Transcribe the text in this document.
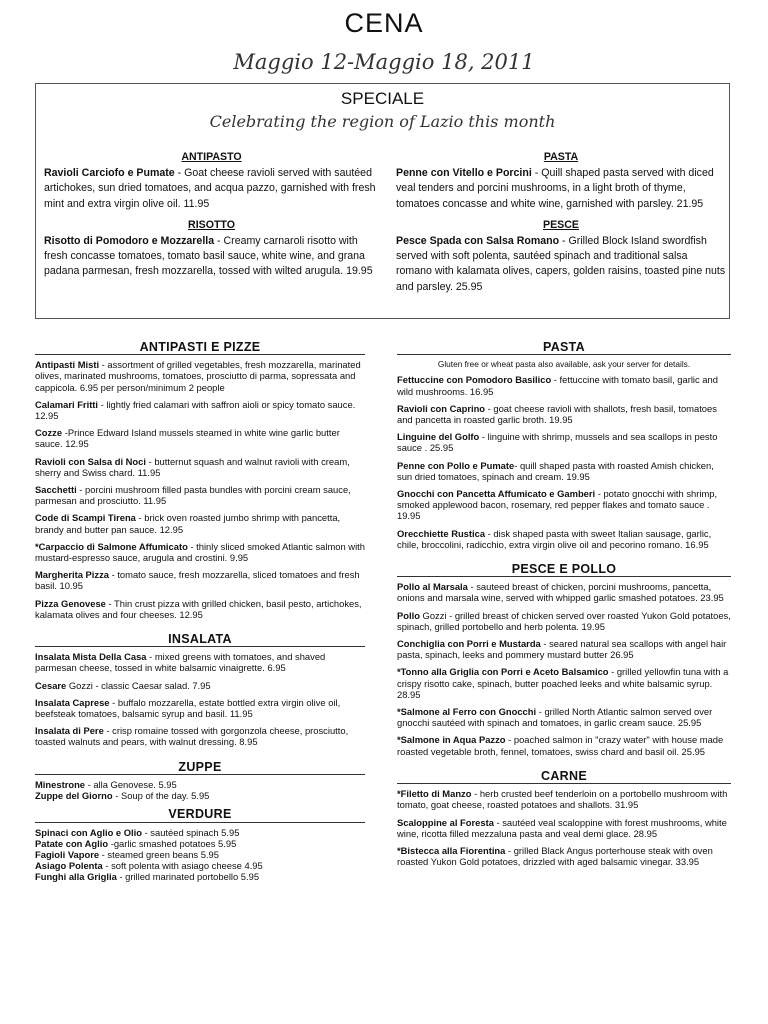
CENA
Maggio 12-Maggio 18, 2011
SPECIALE
Celebrating the region of Lazio this month
ANTIPASTO
Ravioli Carciofo e Pumate - Goat cheese ravioli served with sautéed artichokes, sun dried tomatoes, and acqua pazzo, garnished with fresh mint and extra virgin olive oil. 11.95
RISOTTO
Risotto di Pomodoro e Mozzarella - Creamy carnaroli risotto with fresh concasse tomatoes, tomato basil sauce, white wine, and grana padana parmesan, fresh mozzarella, tossed with wilted arugula. 19.95
PASTA
Penne con Vitello e Porcini - Quill shaped pasta served with diced veal tenders and porcini mushrooms, in a light broth of thyme, tomatoes concasse and white wine, garnished with parsley. 21.95
PESCE
Pesce Spada con Salsa Romano - Grilled Block Island swordfish served with soft polenta, sautéed spinach and traditional salsa romano with kalamata olives, capers, golden raisins, toasted pine nuts and parsley. 25.95
ANTIPASTI E PIZZE
Antipasti Misti - assortment of grilled vegetables, fresh mozzarella, marinated olives, marinated mushrooms, tomatoes, prosciutto di parma, sopressata and cappicola. 6.95 per person/minimum 2 people
Calamari Fritti - lightly fried calamari with saffron aioli or spicy tomato sauce. 12.95
Cozze -Prince Edward Island mussels steamed in white wine garlic butter sauce. 12.95
Ravioli con Salsa di Noci - butternut squash and walnut ravioli with cream, sherry and Swiss chard. 11.95
Sacchetti - porcini mushroom filled pasta bundles with porcini cream sauce, parmesan and prosciutto. 11.95
Code di Scampi Tirena - brick oven roasted jumbo shrimp with pancetta, brandy and butter pan sauce. 12.95
*Carpaccio di Salmone Affumicato - thinly sliced smoked Atlantic salmon with mustard-espresso sauce, arugula and crostini. 9.95
Margherita Pizza - tomato sauce, fresh mozzarella, sliced tomatoes and fresh basil. 10.95
Pizza Genovese - Thin crust pizza with grilled chicken, basil pesto, artichokes, kalamata olives and four cheeses. 12.95
INSALATA
Insalata Mista Della Casa - mixed greens with tomatoes, and shaved parmesan cheese, tossed in white balsamic vinaigrette. 6.95
Cesare Gozzi - classic Caesar salad. 7.95
Insalata Caprese - buffalo mozzarella, estate bottled extra virgin olive oil, beefsteak tomatoes, balsamic syrup and basil. 11.95
Insalata di Pere - crisp romaine tossed with gorgonzola cheese, prosciutto, toasted walnuts and pears, with walnut dressing. 8.95
ZUPPE
Minestrone - alla Genovese. 5.95
Zuppe del Giorno - Soup of the day. 5.95
VERDURE
Spinaci con Aglio e Olio - sautéed spinach 5.95
Patate con Aglio -garlic smashed potatoes 5.95
Fagioli Vapore - steamed green beans 5.95
Asiago Polenta - soft polenta with asiago cheese 4.95
Funghi alla Griglia - grilled marinated portobello 5.95
PASTA
Gluten free or wheat pasta also available, ask your server for details.
Fettuccine con Pomodoro Basilico - fettuccine with tomato basil, garlic and wild mushrooms. 16.95
Ravioli con Caprino - goat cheese ravioli with shallots, fresh basil, tomatoes and pancetta in roasted garlic broth. 19.95
Linguine del Golfo - linguine with shrimp, mussels and sea scallops in pesto sauce . 25.95
Penne con Pollo e Pumate- quill shaped pasta with roasted Amish chicken, sun dried tomatoes, spinach and cream. 19.95
Gnocchi con Pancetta Affumicato e Gamberi - potato gnocchi with shrimp, smoked applewood bacon, rosemary, red pepper flakes and tomato sauce . 19.95
Orecchiette Rustica - disk shaped pasta with sweet Italian sausage, garlic, chile, broccolini, radicchio, extra virgin olive oil and pecorino romano. 16.95
PESCE E POLLO
Pollo al Marsala - sauteed breast of chicken, porcini mushrooms, pancetta, onions and marsala wine, served with whipped garlic smashed potatoes. 23.95
Pollo Gozzi - grilled breast of chicken served over roasted Yukon Gold potatoes, spinach, grilled portobello and herb polenta. 19.95
Conchiglia con Porri e Mustarda - seared natural sea scallops with angel hair pasta, spinach, leeks and pommery mustard butter 26.95
*Tonno alla Griglia con Porri e Aceto Balsamico - grilled yellowfin tuna with a crispy risotto cake, spinach, butter poached leeks and white balsamic syrup. 28.95
*Salmone al Ferro con Gnocchi - grilled North Atlantic salmon served over gnocchi sautéed with spinach and tomatoes, in garlic cream sauce. 25.95
*Salmone in Aqua Pazzo - poached salmon in "crazy water" with house made roasted vegetable broth, fennel, tomatoes, swiss chard and basil oil. 25.95
CARNE
*Filetto di Manzo - herb crusted beef tenderloin on a portobello mushroom with tomato, goat cheese, roasted potatoes and shallots. 31.95
Scaloppine al Foresta - sautéed veal scaloppine with forest mushrooms, white wine, ricotta filled mezzaluna pasta and veal demi glace. 28.95
*Bistecca alla Fiorentina - grilled Black Angus porterhouse steak with oven roasted Yukon Gold potatoes, drizzled with aged balsamic vinegar. 33.95
